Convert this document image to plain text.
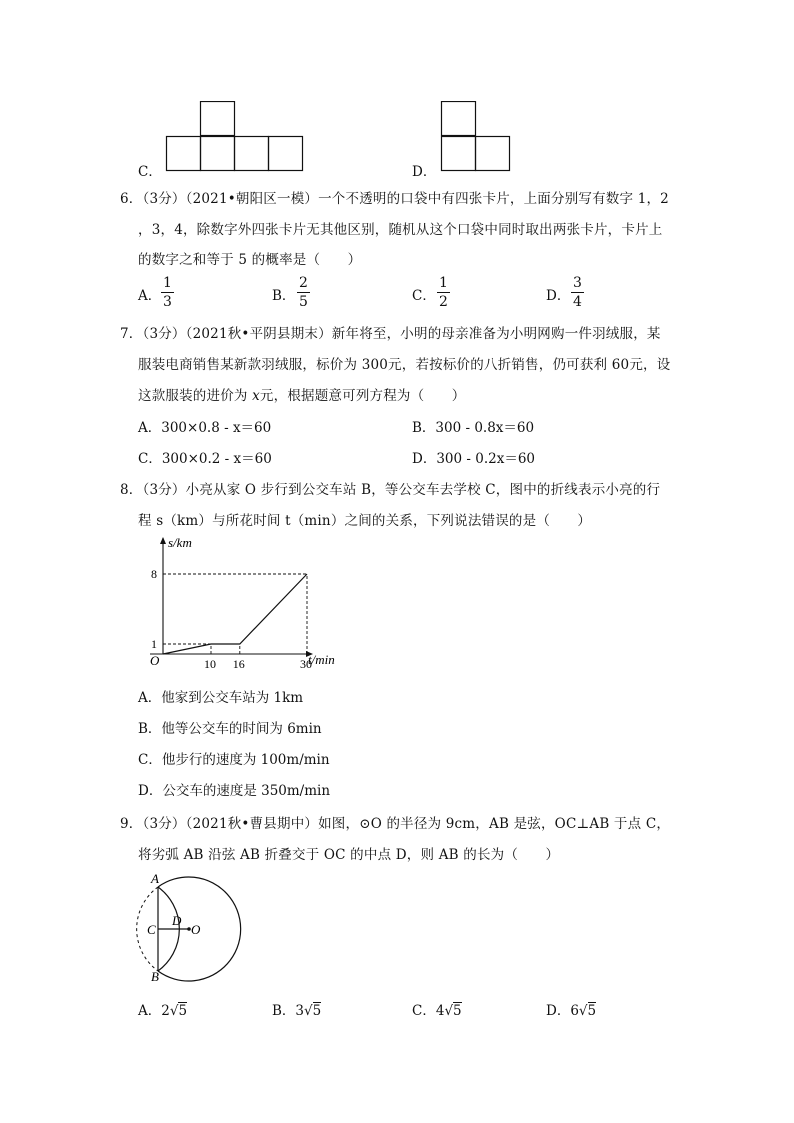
C．	D．
6．（3分）（2021•朝阳区一模）一个不透明的口袋中有四张卡片，上面分别写有数字 1，2
，3，4，除数字外四张卡片无其他区别，随机从这个口袋中同时取出两张卡片，卡片上
的数字之和等于 5 的概率是（　　）
A． $\frac{1}{3}$	B． $\frac{2}{5}$	C． $\frac{1}{2}$	D． $\frac{3}{4}$
7．（3分）（2021秋•平阴县期末）新年将至，小明的母亲准备为小明网购一件羽绒服，某
服装电商销售某新款羽绒服，标价为 300元，若按标价的八折销售，仍可获利 60元，设
这款服装的进价为 x元，根据题意可列方程为（　　）
A．300×0.8 - x＝60	B．300 - 0.8x＝60
C．300×0.2 - x＝60	D．300 - 0.2x＝60
8．（3分）小亮从家 O 步行到公交车站 B，等公交车去学校 C，图中的折线表示小亮的行
程 s（km）与所花时间 t（min）之间的关系，下列说法错误的是（　　）
s/km
t/min
O
1
8
10 16	30
A．他家到公交车站为 1km
B．他等公交车的时间为 6min
C．他步行的速度为 100m/min
D．公交车的速度是 350m/min
9．（3分）（2021秋•曹县期中）如图，⊙O 的半径为 9cm，AB 是弦，OC⊥AB 于点 C，
将劣弧 AB 沿弦 AB 折叠交于 OC 的中点 D，则 AB 的长为（　　）
A
B
C
D
O
A．2√5	B．3√5	C．4√5	D．6√5
